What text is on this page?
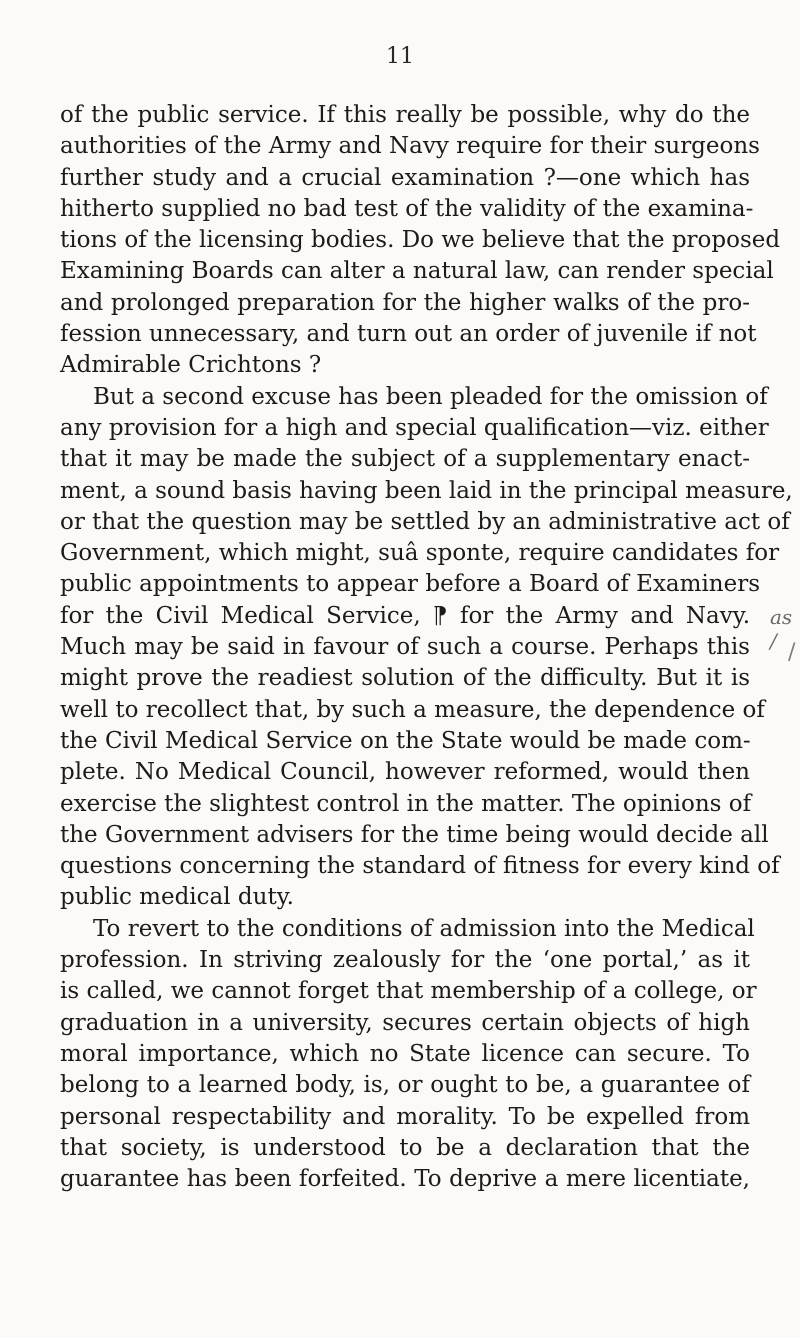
11
of the public service. If this really be possible, why do the
authorities of the Army and Navy require for their surgeons
further study and a crucial examination ?—one which has
hitherto supplied no bad test of the validity of the examina-
tions of the licensing bodies. Do we believe that the proposed
Examining Boards can alter a natural law, can render special
and prolonged preparation for the higher walks of the pro-
fession unnecessary, and turn out an order of juvenile if not
Admirable Crichtons ?
But a second excuse has been pleaded for the omission of
any provision for a high and special qualification—viz. either
that it may be made the subject of a supplementary enact-
ment, a sound basis having been laid in the principal measure,
or that the question may be settled by an administrative act of
Government, which might, suâ sponte, require candidates for
public appointments to appear before a Board of Examiners
for the Civil Medical Service, ⁋ for the Army and Navy.
Much may be said in favour of such a course. Perhaps this
might prove the readiest solution of the difficulty. But it is
well to recollect that, by such a measure, the dependence of
the Civil Medical Service on the State would be made com-
plete. No Medical Council, however reformed, would then
exercise the slightest control in the matter. The opinions of
the Government advisers for the time being would decide all
questions concerning the standard of fitness for every kind of
public medical duty.
To revert to the conditions of admission into the Medical
profession. In striving zealously for the ‘one portal,’ as it
is called, we cannot forget that membership of a college, or
graduation in a university, secures certain objects of high
moral importance, which no State licence can secure. To
belong to a learned body, is, or ought to be, a guarantee of
personal respectability and morality. To be expelled from
that society, is understood to be a declaration that the
guarantee has been forfeited. To deprive a mere licentiate,
as / /
